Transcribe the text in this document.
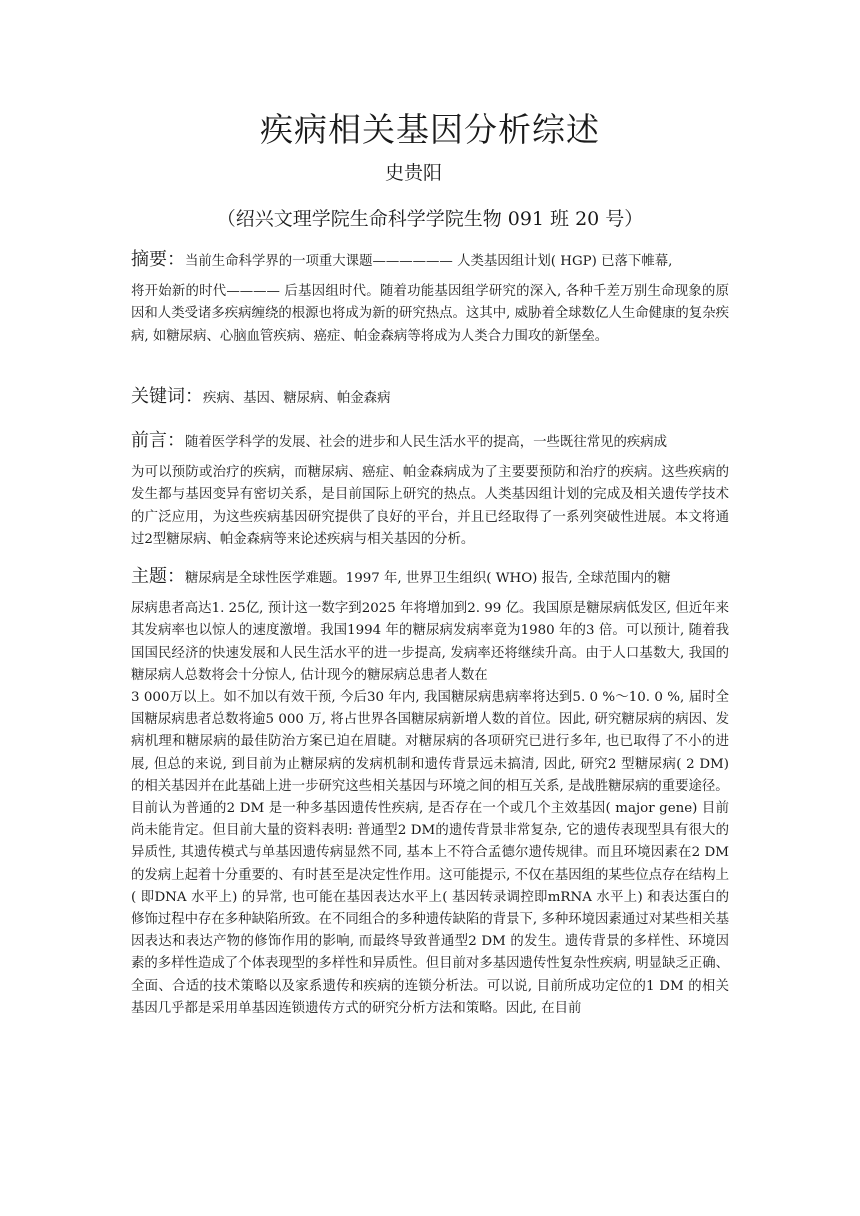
疾病相关基因分析综述

史贵阳

（绍兴文理学院生命科学学院生物 091 班 20 号）

摘要：当前生命科学界的一项重大课题—————— 人类基因组计划( HGP) 已落下帷幕,

将开始新的时代———— 后基因组时代。随着功能基因组学研究的深入, 各种千差万别生命现象的原因和人类受诸多疾病缠绕的根源也将成为新的研究热点。这其中, 威胁着全球数亿人生命健康的复杂疾病, 如糖尿病、心脑血管疾病、癌症、帕金森病等将成为人类合力围攻的新堡垒。

关键词：疾病、基因、糖尿病、帕金森病

前言：随着医学科学的发展、社会的进步和人民生活水平的提高，一些既往常见的疾病成

为可以预防或治疗的疾病，而糖尿病、癌症、帕金森病成为了主要要预防和治疗的疾病。这些疾病的发生都与基因变异有密切关系，是目前国际上研究的热点。人类基因组计划的完成及相关遗传学技术的广泛应用，为这些疾病基因研究提供了良好的平台，并且已经取得了一系列突破性进展。本文将通过2型糖尿病、帕金森病等来论述疾病与相关基因的分析。

主题：糖尿病是全球性医学难题。1997 年, 世界卫生组织( WHO) 报告, 全球范围内的糖

尿病患者高达1. 25亿, 预计这一数字到2025 年将增加到2. 99 亿。我国原是糖尿病低发区, 但近年来其发病率也以惊人的速度激增。我国1994 年的糖尿病发病率竟为1980 年的3 倍。可以预计, 随着我国国民经济的快速发展和人民生活水平的进一步提高, 发病率还将继续升高。由于人口基数大, 我国的糖尿病人总数将会十分惊人, 估计现今的糖尿病总患者人数在

3 000万以上。如不加以有效干预, 今后30 年内, 我国糖尿病患病率将达到5. 0 %～10. 0 %, 届时全国糖尿病患者总数将逾5 000 万, 将占世界各国糖尿病新增人数的首位。因此, 研究糖尿病的病因、发病机理和糖尿病的最佳防治方案已迫在眉睫。对糖尿病的各项研究已进行多年, 也已取得了不小的进展, 但总的来说, 到目前为止糖尿病的发病机制和遗传背景远未搞清, 因此, 研究2 型糖尿病( 2 DM) 的相关基因并在此基础上进一步研究这些相关基因与环境之间的相互关系, 是战胜糖尿病的重要途径。

目前认为普通的2 DM 是一种多基因遗传性疾病, 是否存在一个或几个主效基因( major gene) 目前尚未能肯定。但目前大量的资料表明: 普通型2 DM的遗传背景非常复杂, 它的遗传表现型具有很大的异质性, 其遗传模式与单基因遗传病显然不同, 基本上不符合孟德尔遗传规律。而且环境因素在2 DM的发病上起着十分重要的、有时甚至是决定性作用。这可能提示, 不仅在基因组的某些位点存在结构上( 即DNA 水平上) 的异常, 也可能在基因表达水平上( 基因转录调控即mRNA 水平上) 和表达蛋白的修饰过程中存在多种缺陷所致。在不同组合的多种遗传缺陷的背景下, 多种环境因素通过对某些相关基因表达和表达产物的修饰作用的影响, 而最终导致普通型2 DM 的发生。遗传背景的多样性、环境因素的多样性造成了个体表现型的多样性和异质性。但目前对多基因遗传性复杂性疾病, 明显缺乏正确、全面、合适的技术策略以及家系遗传和疾病的连锁分析法。可以说, 目前所成功定位的1 DM 的相关基因几乎都是采用单基因连锁遗传方式的研究分析方法和策略。因此, 在目前
